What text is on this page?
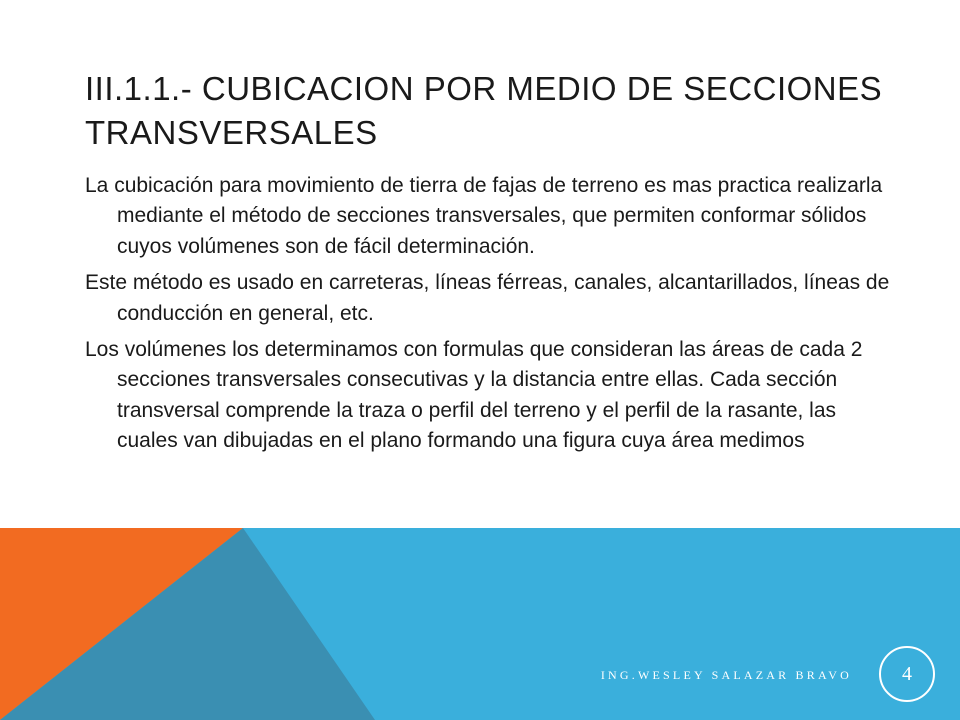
III.1.1.- CUBICACION POR MEDIO DE SECCIONES TRANSVERSALES

La cubicación para movimiento de tierra de fajas de terreno es mas practica realizarla mediante el método de secciones transversales, que permiten conformar sólidos cuyos volúmenes son de fácil determinación.

Este método es usado en carreteras, líneas férreas, canales, alcantarillados, líneas de conducción en general, etc.

Los volúmenes los determinamos con formulas que consideran las áreas de cada 2 secciones transversales consecutivas y la distancia entre ellas. Cada sección transversal comprende la traza o perfil del terreno y el perfil de la rasante, las cuales van dibujadas en el plano formando una figura cuya área medimos

ING.WESLEY SALAZAR BRAVO	4
